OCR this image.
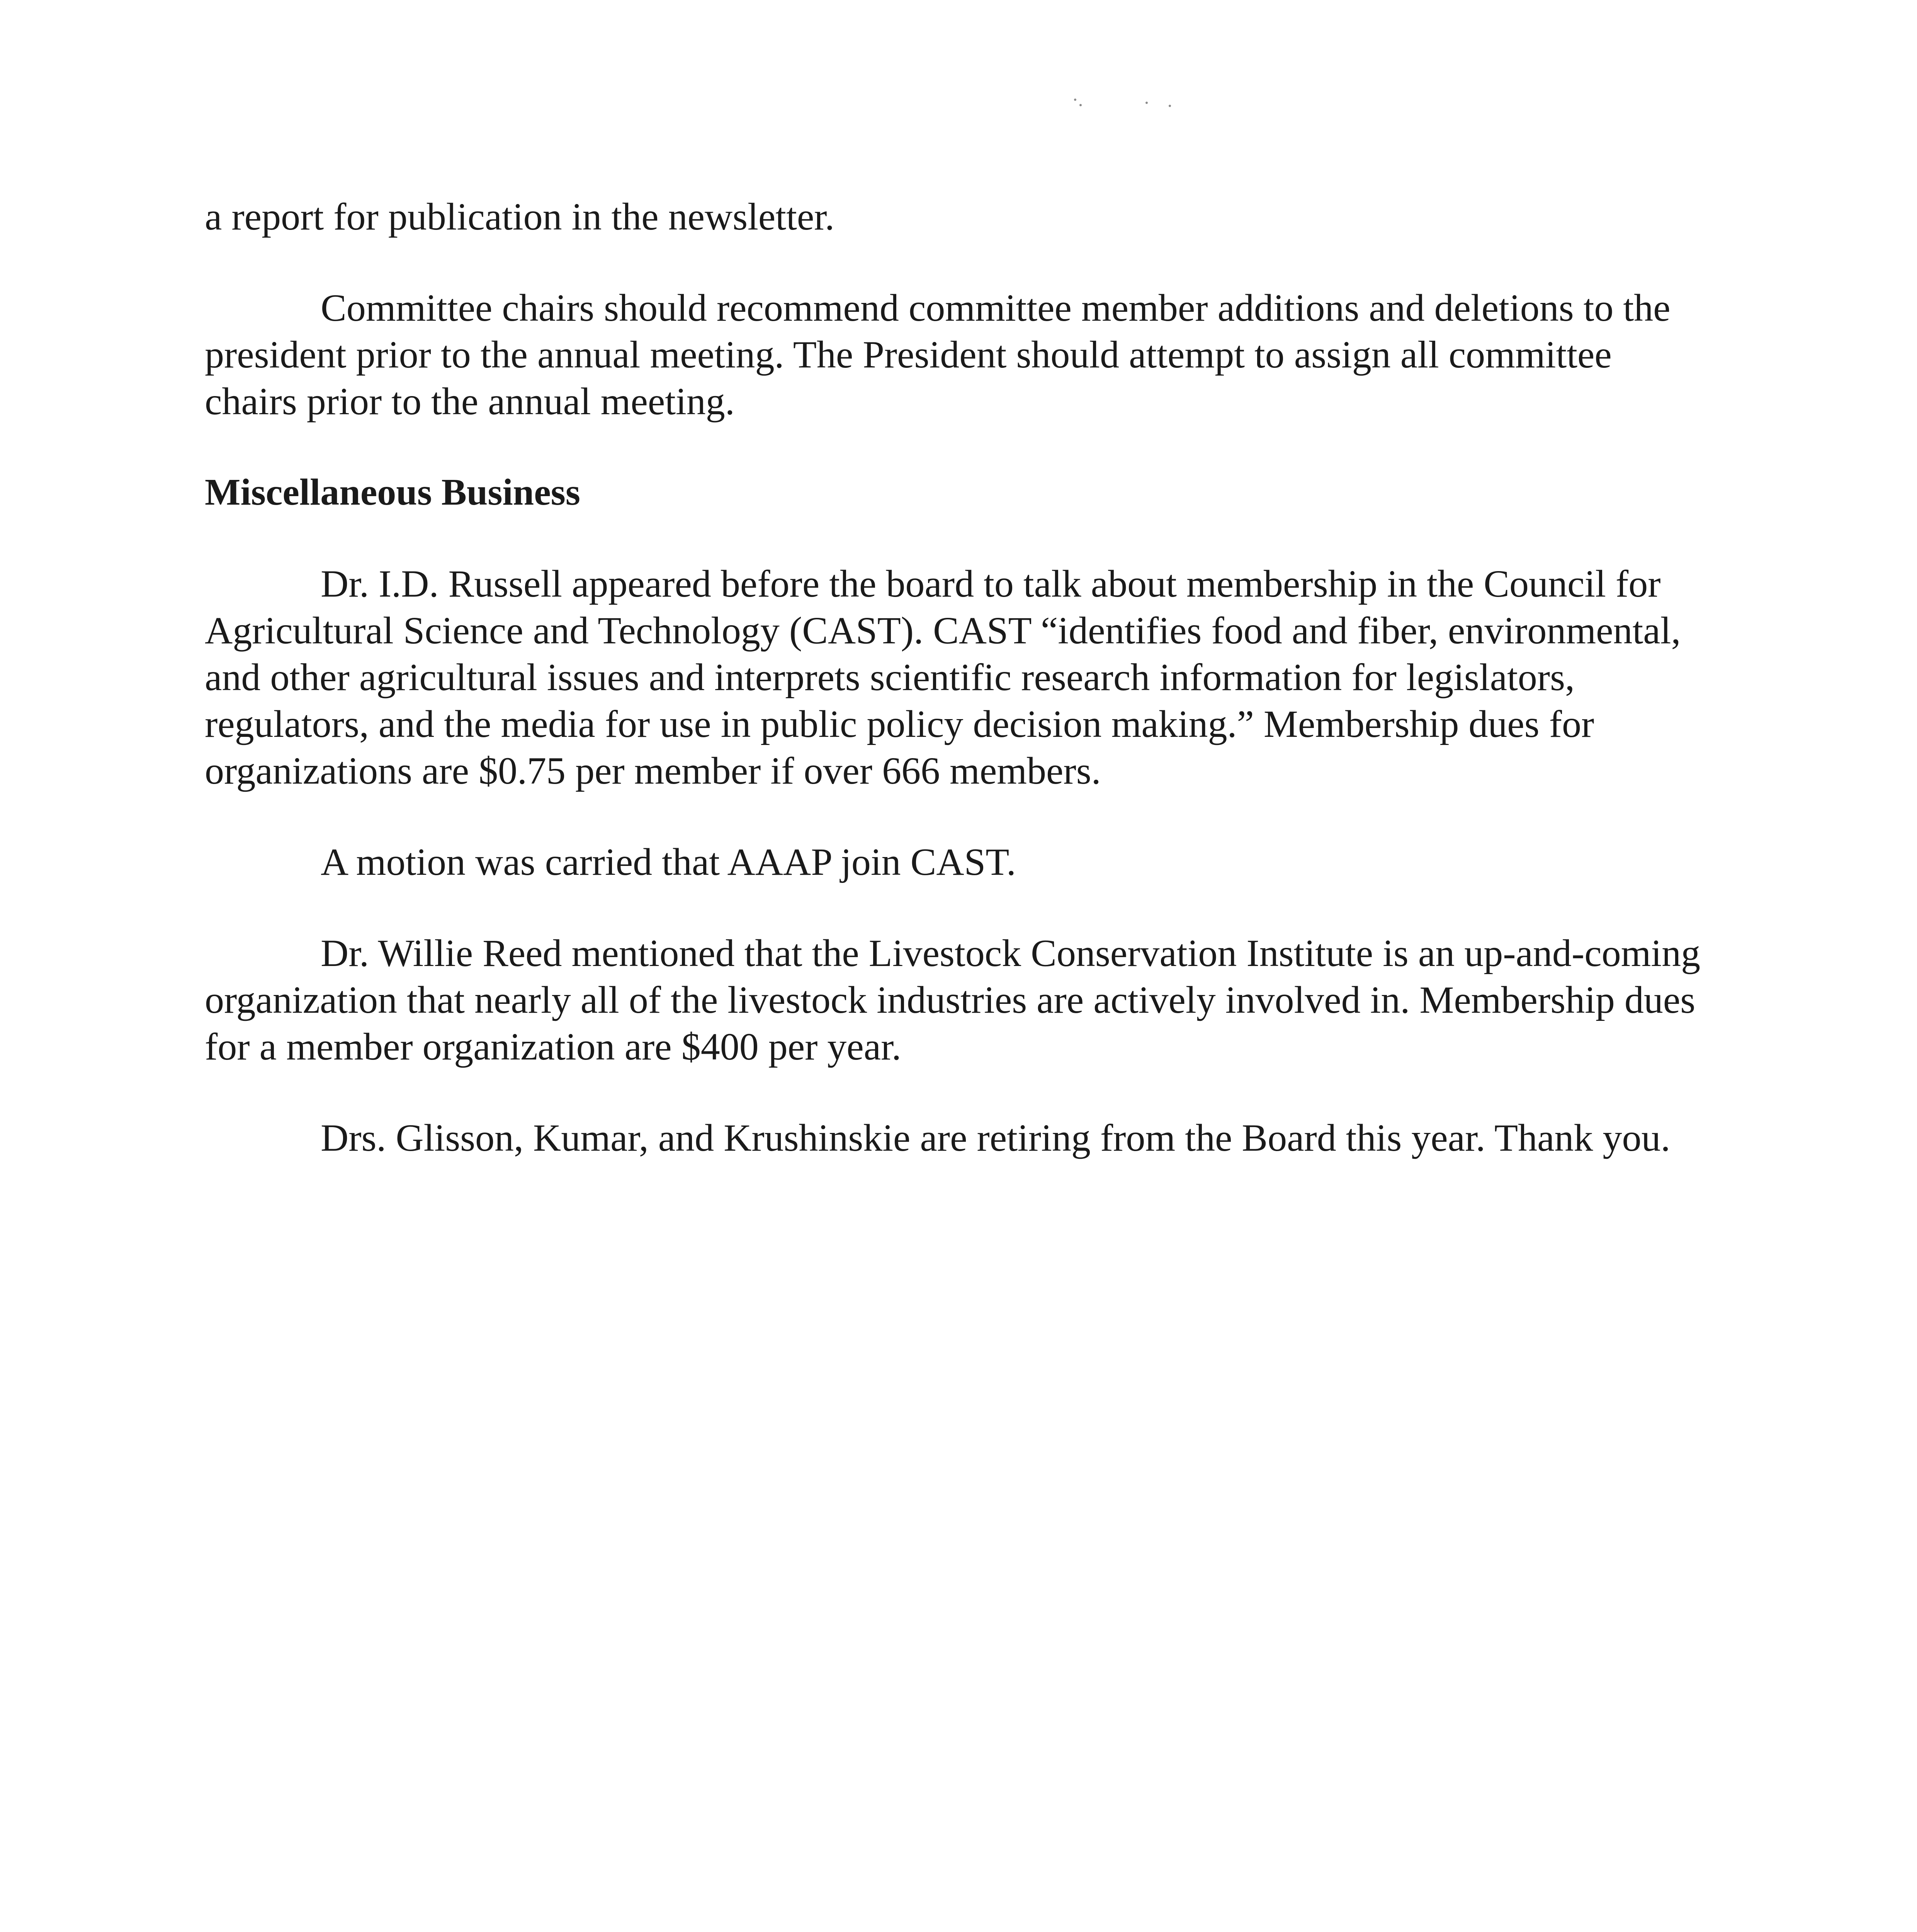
a report for publication in the newsletter.

Committee chairs should recommend committee member additions and deletions to the
president prior to the annual meeting. The President should attempt to assign all committee
chairs prior to the annual meeting.

Miscellaneous Business

Dr. I.D. Russell appeared before the board to talk about membership in the Council for
Agricultural Science and Technology (CAST). CAST “identifies food and fiber, environmental,
and other agricultural issues and interprets scientific research information for legislators,
regulators, and the media for use in public policy decision making.” Membership dues for
organizations are $0.75 per member if over 666 members.

A motion was carried that AAAP join CAST.

Dr. Willie Reed mentioned that the Livestock Conservation Institute is an up-and-coming
organization that nearly all of the livestock industries are actively involved in. Membership dues
for a member organization are $400 per year.

Drs. Glisson, Kumar, and Krushinskie are retiring from the Board this year. Thank you.
